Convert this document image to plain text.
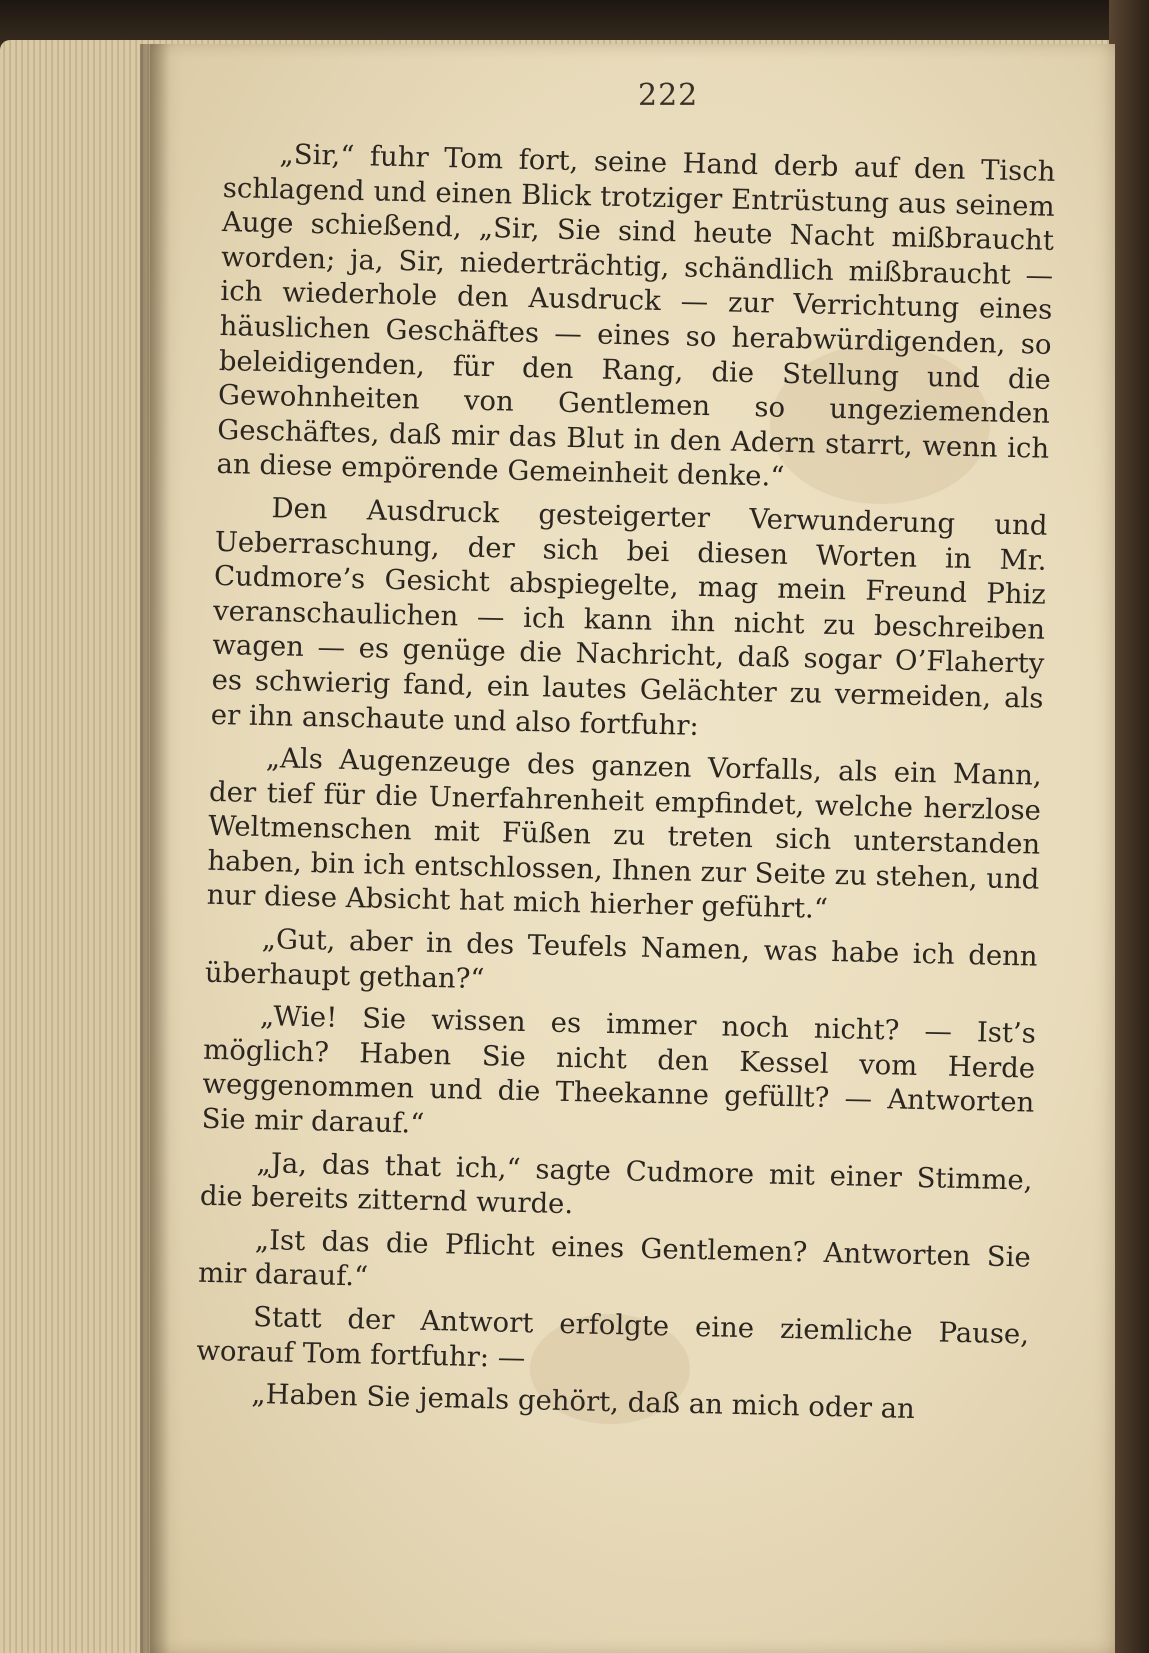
222

„Sir,“ fuhr Tom fort, seine Hand derb auf den Tisch schlagend und einen Blick trotziger Entrüstung aus seinem Auge schießend, „Sir, Sie sind heute Nacht mißbraucht worden; ja, Sir, niederträchtig, schändlich mißbraucht — ich wiederhole den Ausdruck — zur Verrichtung eines häuslichen Geschäftes — eines so herabwürdigenden, so beleidigenden, für den Rang, die Stellung und die Gewohnheiten von Gentlemen so ungeziemenden Geschäftes, daß mir das Blut in den Adern starrt, wenn ich an diese empörende Gemeinheit denke.“

Den Ausdruck gesteigerter Verwunderung und Ueberraschung, der sich bei diesen Worten in Mr. Cudmore’s Gesicht abspiegelte, mag mein Freund Phiz veranschaulichen — ich kann ihn nicht zu beschreiben wagen — es genüge die Nachricht, daß sogar O’Flaherty es schwierig fand, ein lautes Gelächter zu vermeiden, als er ihn anschaute und also fortfuhr:

„Als Augenzeuge des ganzen Vorfalls, als ein Mann, der tief für die Unerfahrenheit empfindet, welche herzlose Weltmenschen mit Füßen zu treten sich unterstanden haben, bin ich entschlossen, Ihnen zur Seite zu stehen, und nur diese Absicht hat mich hierher geführt.“

„Gut, aber in des Teufels Namen, was habe ich denn überhaupt gethan?“

„Wie! Sie wissen es immer noch nicht? — Ist’s möglich? Haben Sie nicht den Kessel vom Herde weggenommen und die Theekanne gefüllt? — Antworten Sie mir darauf.“

„Ja, das that ich,“ sagte Cudmore mit einer Stimme, die bereits zitternd wurde.

„Ist das die Pflicht eines Gentlemen? Antworten Sie mir darauf.“

Statt der Antwort erfolgte eine ziemliche Pause, worauf Tom fortfuhr: —

„Haben Sie jemals gehört, daß an mich oder an
